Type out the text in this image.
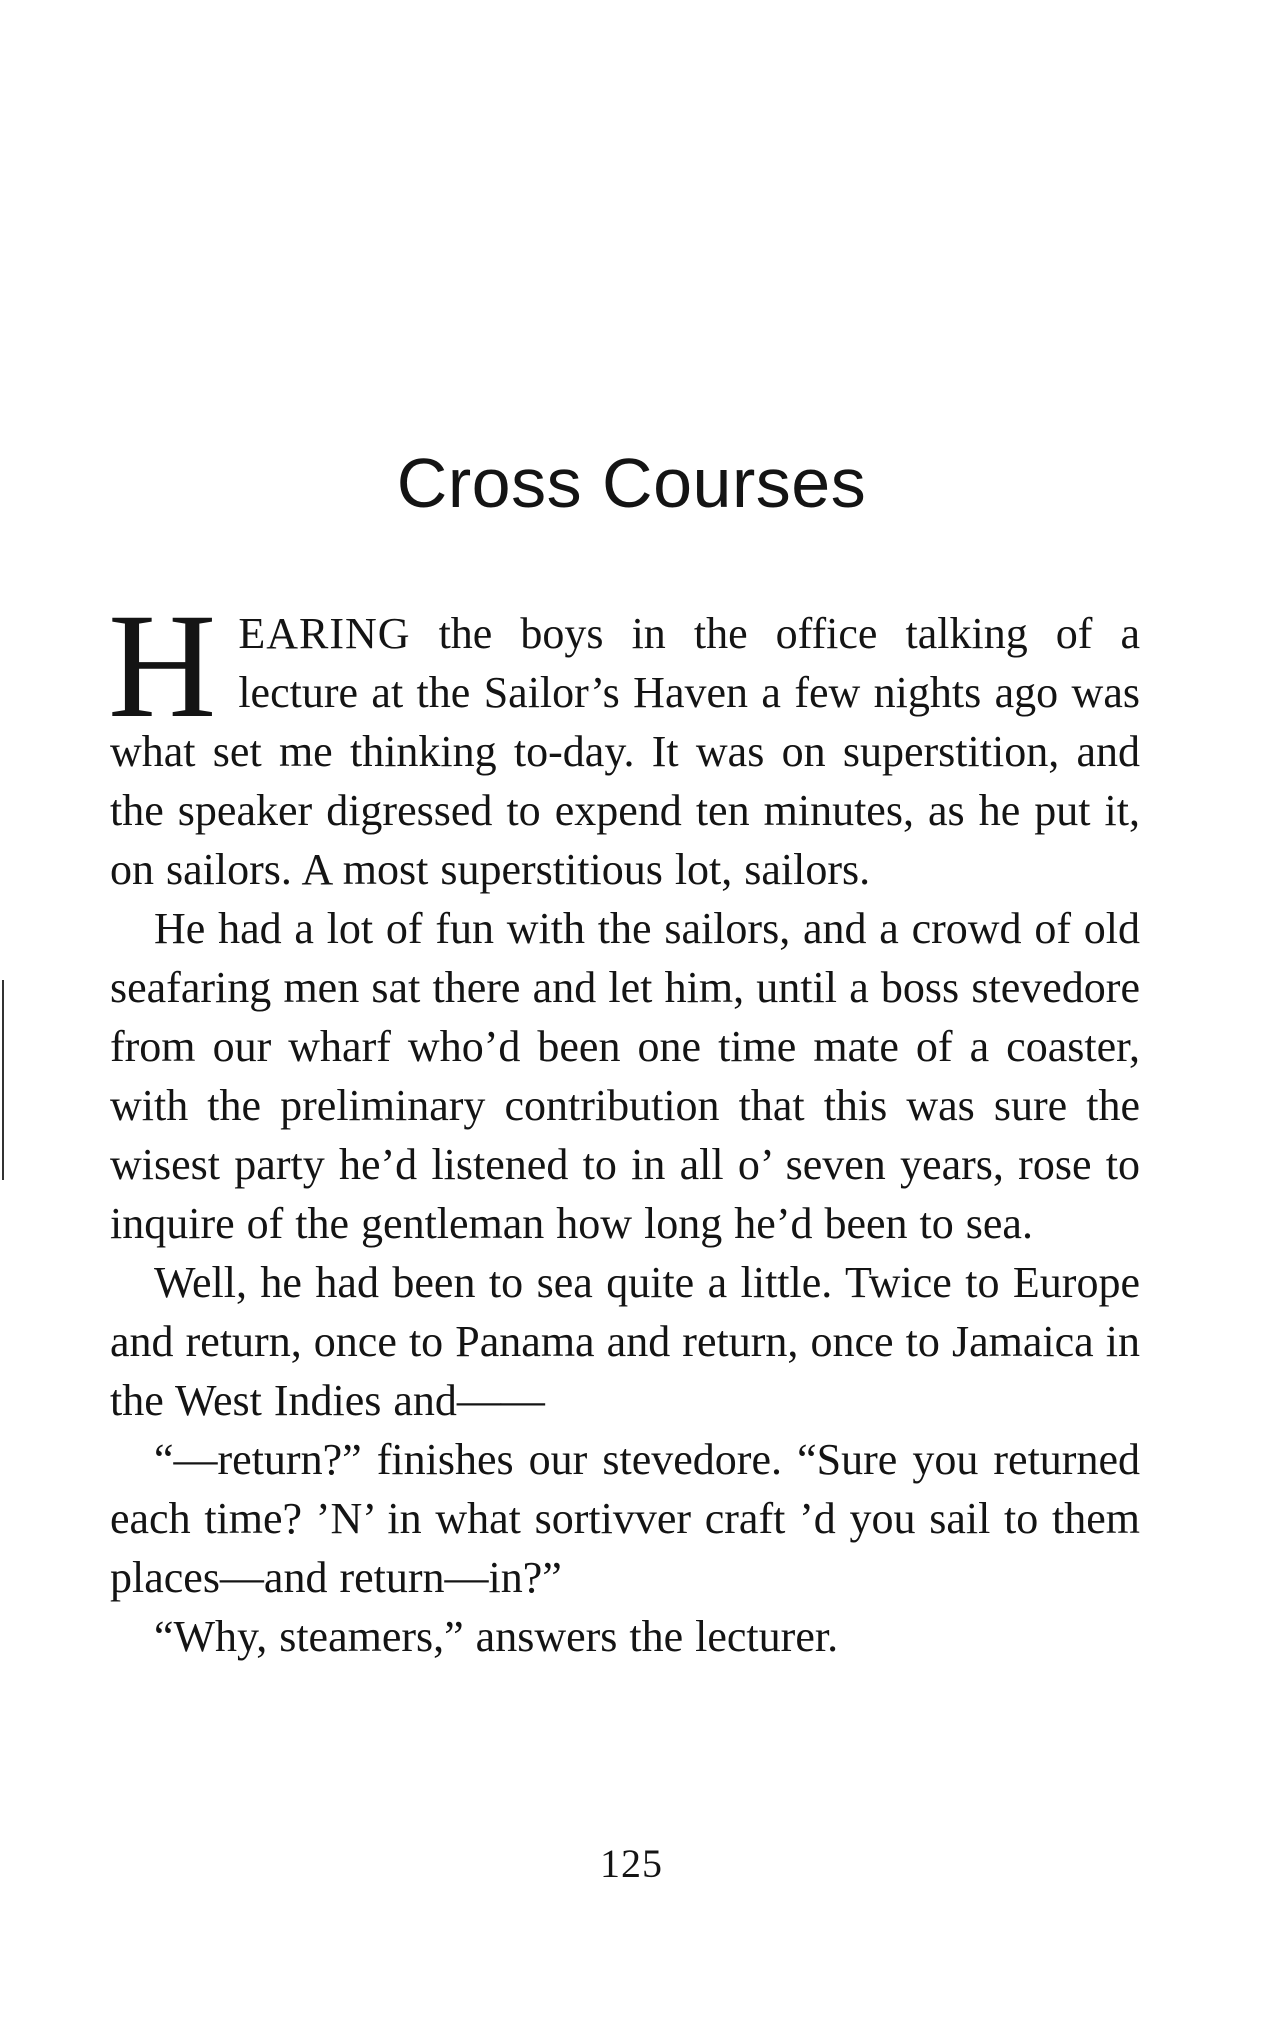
Cross Courses

HEARING the boys in the office talking of a lecture at the Sailor’s Haven a few nights ago was what set me thinking to-day. It was on superstition, and the speaker digressed to expend ten minutes, as he put it, on sailors. A most superstitious lot, sailors.

He had a lot of fun with the sailors, and a crowd of old seafaring men sat there and let him, until a boss stevedore from our wharf who’d been one time mate of a coaster, with the preliminary contribution that this was sure the wisest party he’d listened to in all o’ seven years, rose to inquire of the gentleman how long he’d been to sea.

Well, he had been to sea quite a little. Twice to Europe and return, once to Panama and return, once to Jamaica in the West Indies and——

“—return?” finishes our stevedore. “Sure you returned each time? ’N’ in what sortivver craft ’d you sail to them places—and return—in?”

“Why, steamers,” answers the lecturer.

125
